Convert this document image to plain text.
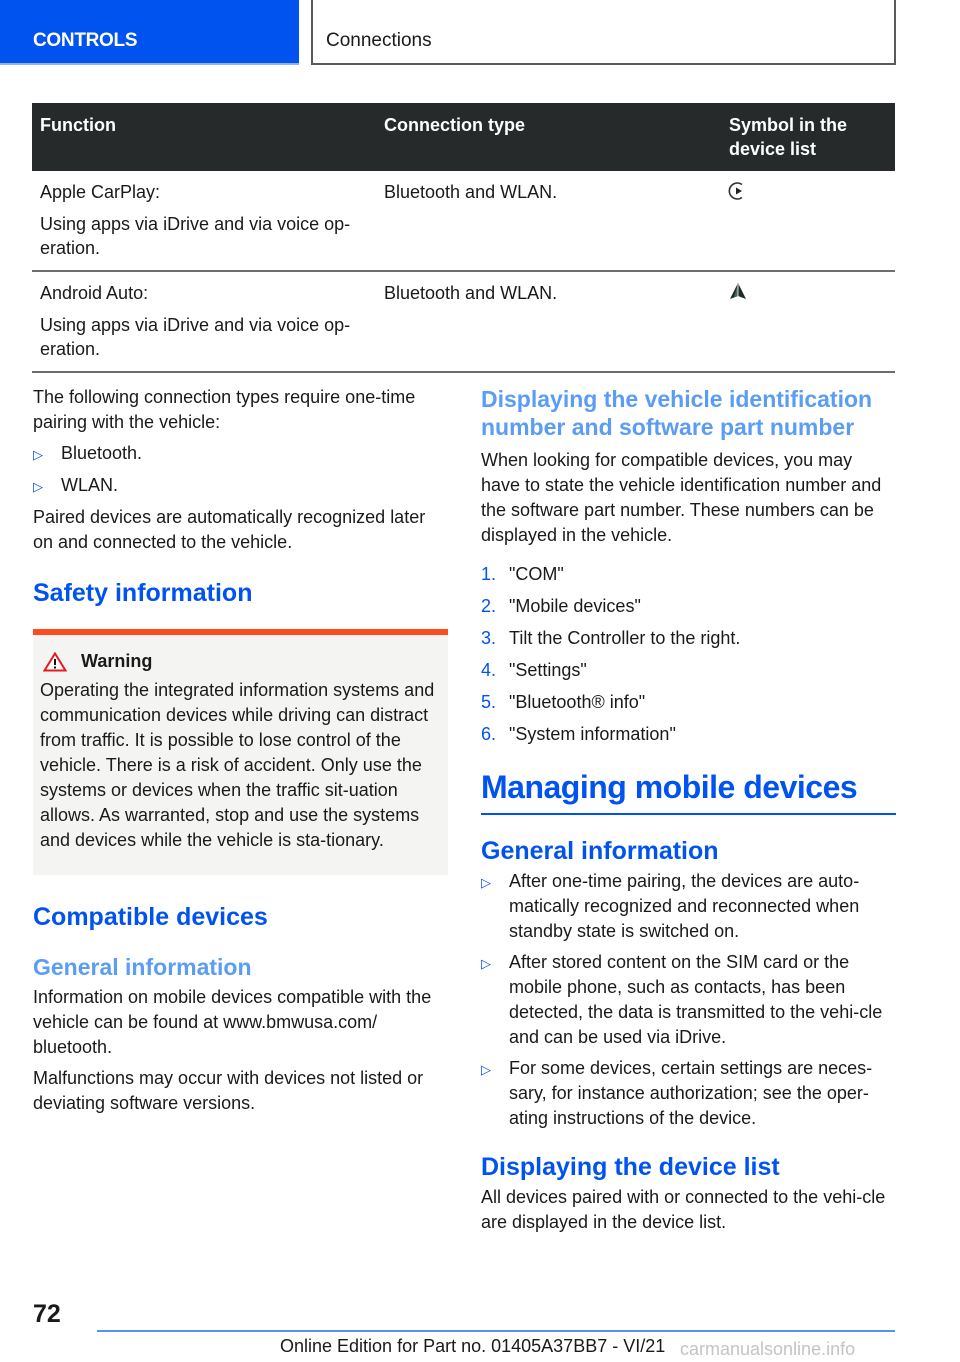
CONTROLS	Connections
Function	Connection type	Symbol in the device list

Apple CarPlay:

Using apps via iDrive and via voice op-
eration.	Bluetooth and WLAN.	

Android Auto:

Using apps via iDrive and via voice op-
eration.	Bluetooth and WLAN.	
The following connection types require one-time pairing with the vehicle:
▷	Bluetooth.
▷	WLAN.
Paired devices are automatically recognized later on and connected to the vehicle.
Safety information
Warning
Operating the integrated information systems and communication devices while driving can distract from traffic. It is possible to lose control of the vehicle. There is a risk of accident. Only use the systems or devices when the traffic sit-uation allows. As warranted, stop and use the systems and devices while the vehicle is sta-tionary.
Compatible devices
General information
Information on mobile devices compatible with the vehicle can be found at www.bmwusa.com/ bluetooth.
Malfunctions may occur with devices not listed or deviating software versions.
Displaying the vehicle identification number and software part number
When looking for compatible devices, you may have to state the vehicle identification number and the software part number. These numbers can be displayed in the vehicle.
1. "COM"
2. "Mobile devices"
3. Tilt the Controller to the right.
4. "Settings"
5. "Bluetooth® info"
6. "System information"
Managing mobile devices
General information
▷	After one-time pairing, the devices are auto-matically recognized and reconnected when standby state is switched on.
▷	After stored content on the SIM card or the mobile phone, such as contacts, has been detected, the data is transmitted to the vehi-cle and can be used via iDrive.
▷	For some devices, certain settings are neces-sary, for instance authorization; see the oper-ating instructions of the device.
Displaying the device list
All devices paired with or connected to the vehi-cle are displayed in the device list.
72
Online Edition for Part no. 01405A37BB7 - VI/21 carmanualsonline.info
